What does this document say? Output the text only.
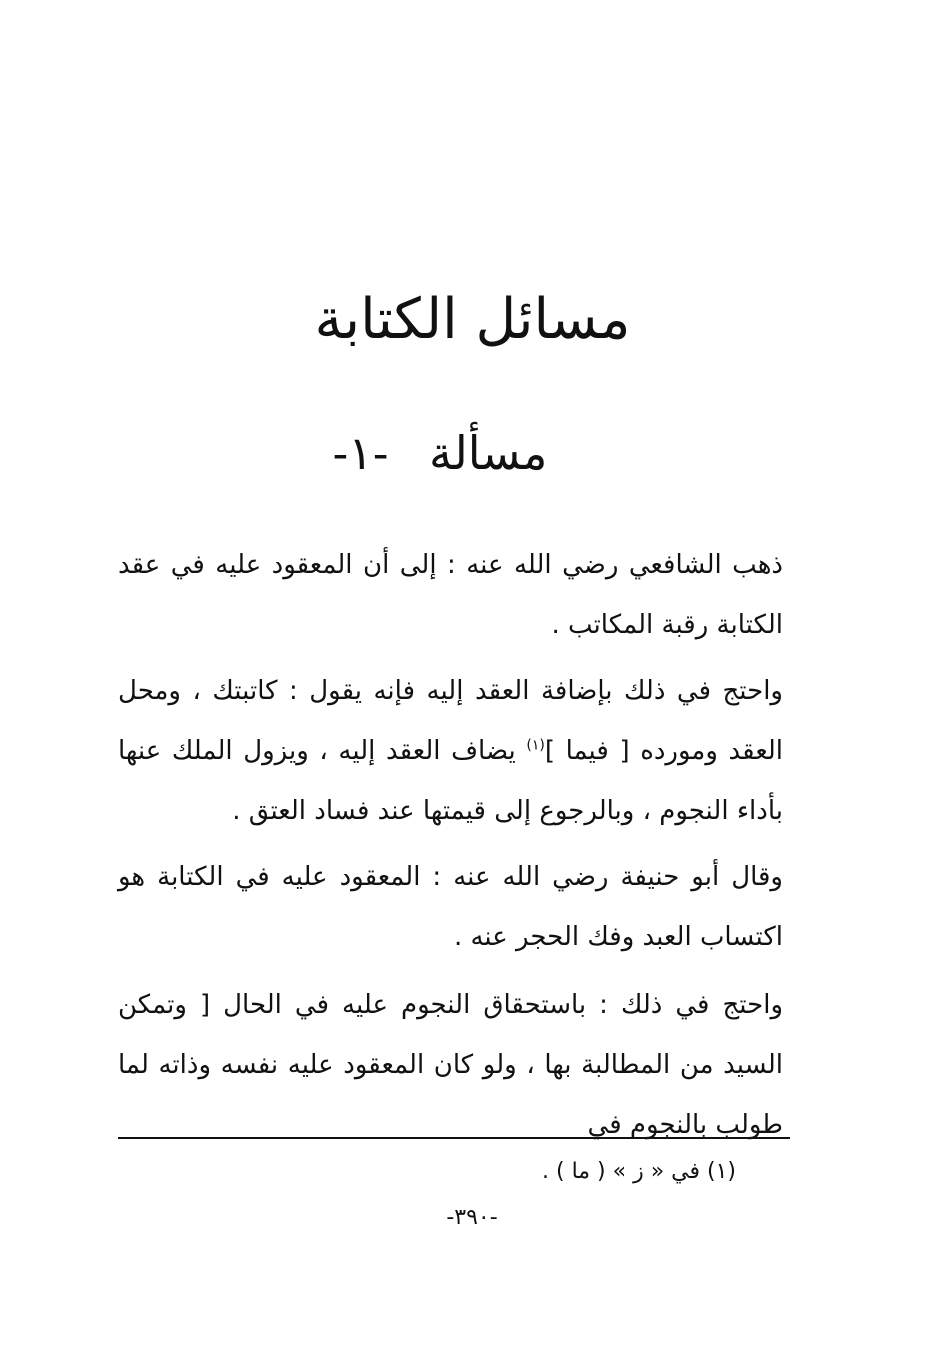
مسائل الكتابة
مسألة -١-

ذهب الشافعي رضي الله عنه : إلى أن المعقود عليه في عقد الكتابة رقبة المكاتب .

واحتج في ذلك بإضافة العقد إليه فإنه يقول : كاتبتك ، ومحل العقد ومورده [ فيما ]$^{(١)}$ يضاف العقد إليه ، ويزول الملك عنها بأداء النجوم ، وبالرجوع إلى قيمتها عند فساد العتق .

وقال أبو حنيفة رضي الله عنه : المعقود عليه في الكتابة هو اكتساب العبد وفك الحجر عنه .

واحتج في ذلك : باستحقاق النجوم عليه في الحال [ وتمكن السيد من المطالبة بها ، ولو كان المعقود عليه نفسه وذاته لما طولب بالنجوم في

(١) في « ز » ( ما ) .
-٣٩٠-
